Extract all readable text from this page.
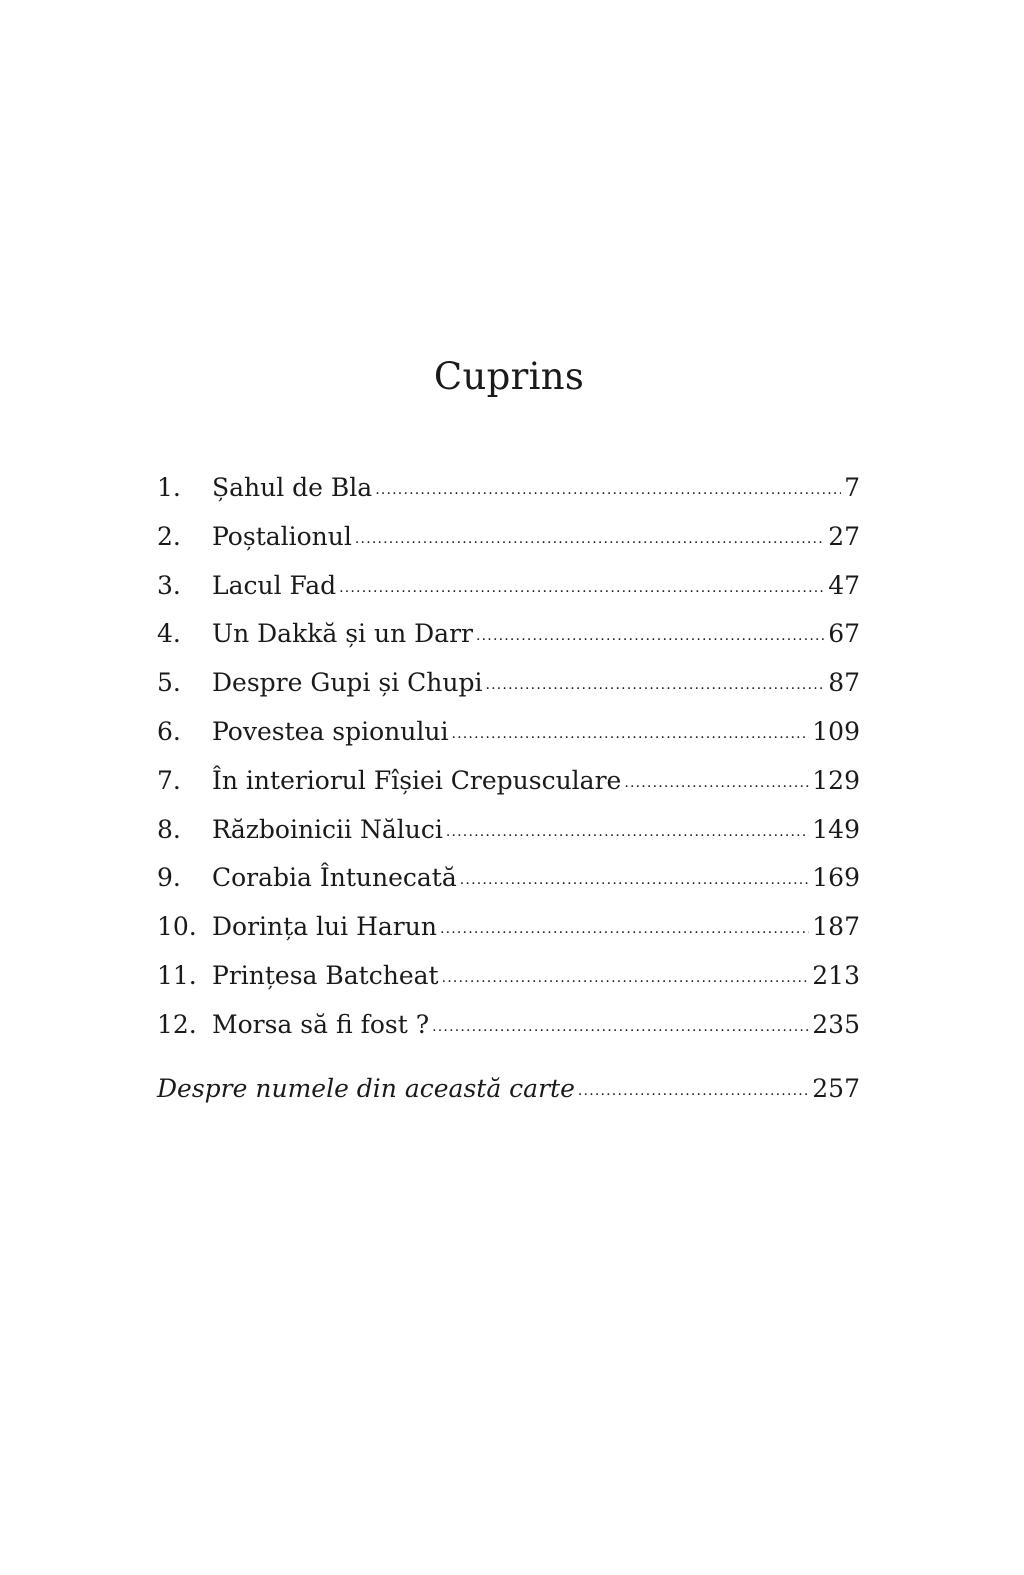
Cuprins
1.	Șahul de Bla .....	7
2.	Poștalionul .....	27
3.	Lacul Fad .....	47
4.	Un Dakkă și un Darr .....	67
5.	Despre Gupi și Chupi .....	87
6.	Povestea spionului .....	109
7.	În interiorul Fîșiei Crepusculare .....	129
8.	Războinicii Năluci .....	149
9.	Corabia Întunecată .....	169
10. Dorința lui Harun .....	187
11. Prințesa Batcheat .....	213
12. Morsa să fi fost ? .....	235
Despre numele din această carte .....	257
